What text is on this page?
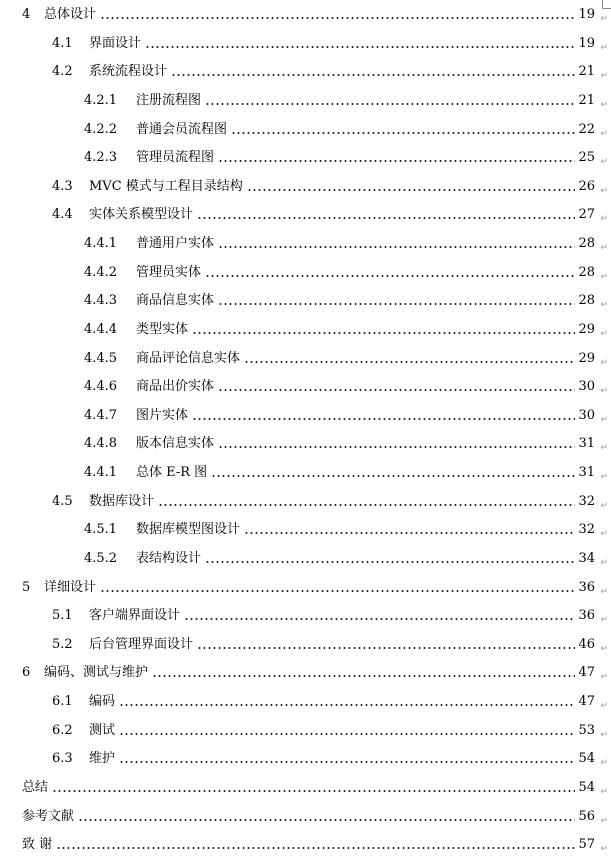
4	总体设计	19 ↵
4.1	界面设计	19 ↵
4.2	系统流程设计	21 ↵
4.2.1	注册流程图	21 ↵
4.2.2	普通会员流程图	22 ↵
4.2.3	管理员流程图	25 ↵
4.3	MVC 模式与工程目录结构	26 ↵
4.4	实体关系模型设计	27 ↵
4.4.1	普通用户实体	28 ↵
4.4.2	管理员实体	28 ↵
4.4.3	商品信息实体	28 ↵
4.4.4	类型实体	29 ↵
4.4.5	商品评论信息实体	29 ↵
4.4.6	商品出价实体	30 ↵
4.4.7	图片实体	30 ↵
4.4.8	版本信息实体	31 ↵
4.4.1	总体 E-R 图	31 ↵
4.5	数据库设计	32 ↵
4.5.1	数据库模型图设计	32 ↵
4.5.2	表结构设计	34 ↵
5	详细设计	36 ↵
5.1	客户端界面设计	36 ↵
5.2	后台管理界面设计	46 ↵
6	编码、测试与维护	47 ↵
6.1	编码	47 ↵
6.2	测试	53 ↵
6.3	维护	54 ↵
总结	54 ↵
参考文献	56 ↵
致 谢	57 ↵
